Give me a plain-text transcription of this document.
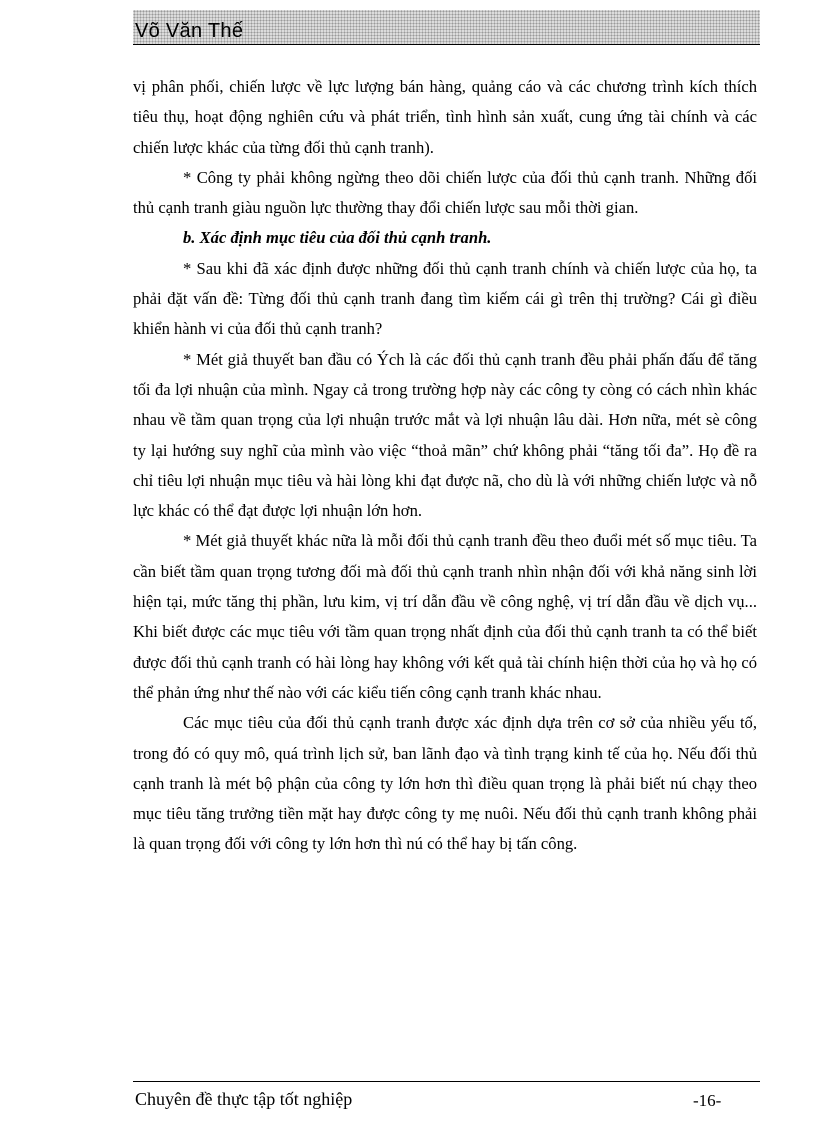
Võ Văn Thế

vị phân phối, chiến lược về lực lượng bán hàng, quảng cáo và các chương trình kích thích tiêu thụ, hoạt động nghiên cứu và phát triển, tình hình sản xuất, cung ứng tài chính và các chiến lược khác của từng đối thủ cạnh tranh).

* Công ty phải không ngừng theo dõi chiến lược của đối thủ cạnh tranh. Những đối thủ cạnh tranh giàu nguồn lực thường thay đổi chiến lược sau mỗi thời gian.

b. Xác định mục tiêu của đối thủ cạnh tranh.

* Sau khi đã xác định được những đối thủ cạnh tranh chính và chiến lược của họ, ta phải đặt vấn đề: Từng đối thủ cạnh tranh đang tìm kiếm cái gì trên thị trường? Cái gì điều khiển hành vi của đối thủ cạnh tranh?

* Mét giả thuyết ban đầu có Ých là các đối thủ cạnh tranh đều phải phấn đấu để tăng tối đa lợi nhuận của mình. Ngay cả trong trường hợp này các công ty còng có cách nhìn khác nhau về tầm quan trọng của lợi nhuận trước mắt và lợi nhuận lâu dài. Hơn nữa, mét sè công ty lại hướng suy nghĩ của mình vào việc “thoả mãn” chứ không phải “tăng tối đa”. Họ đề ra chỉ tiêu lợi nhuận mục tiêu và hài lòng khi đạt được nã, cho dù là với những chiến lược và nỗ lực khác có thể đạt được lợi nhuận lớn hơn.

* Mét giả thuyết khác nữa là mỗi đối thủ cạnh tranh đều theo đuổi mét số mục tiêu. Ta cần biết tầm quan trọng tương đối mà đối thủ cạnh tranh nhìn nhận đối với khả năng sinh lời hiện tại, mức tăng thị phần, lưu kim, vị trí dẫn đầu về công nghệ, vị trí dẫn đầu về dịch vụ... Khi biết được các mục tiêu với tầm quan trọng nhất định của đối thủ cạnh tranh ta có thể biết được đối thủ cạnh tranh có hài lòng hay không với kết quả tài chính hiện thời của họ và họ có thể phản ứng như thế nào với các kiểu tiến công cạnh tranh khác nhau.

Các mục tiêu của đối thủ cạnh tranh được xác định dựa trên cơ sở của nhiều yếu tố, trong đó có quy mô, quá trình lịch sử, ban lãnh đạo và tình trạng kinh tế của họ. Nếu đối thủ cạnh tranh là mét bộ phận của công ty lớn hơn thì điều quan trọng là phải biết nú chạy theo mục tiêu tăng trưởng tiền mặt hay được công ty mẹ nuôi. Nếu đối thủ cạnh tranh không phải là quan trọng đối với công ty lớn hơn thì nú có thể hay bị tấn công.

Chuyên đề thực tập tốt nghiệp	-16-
